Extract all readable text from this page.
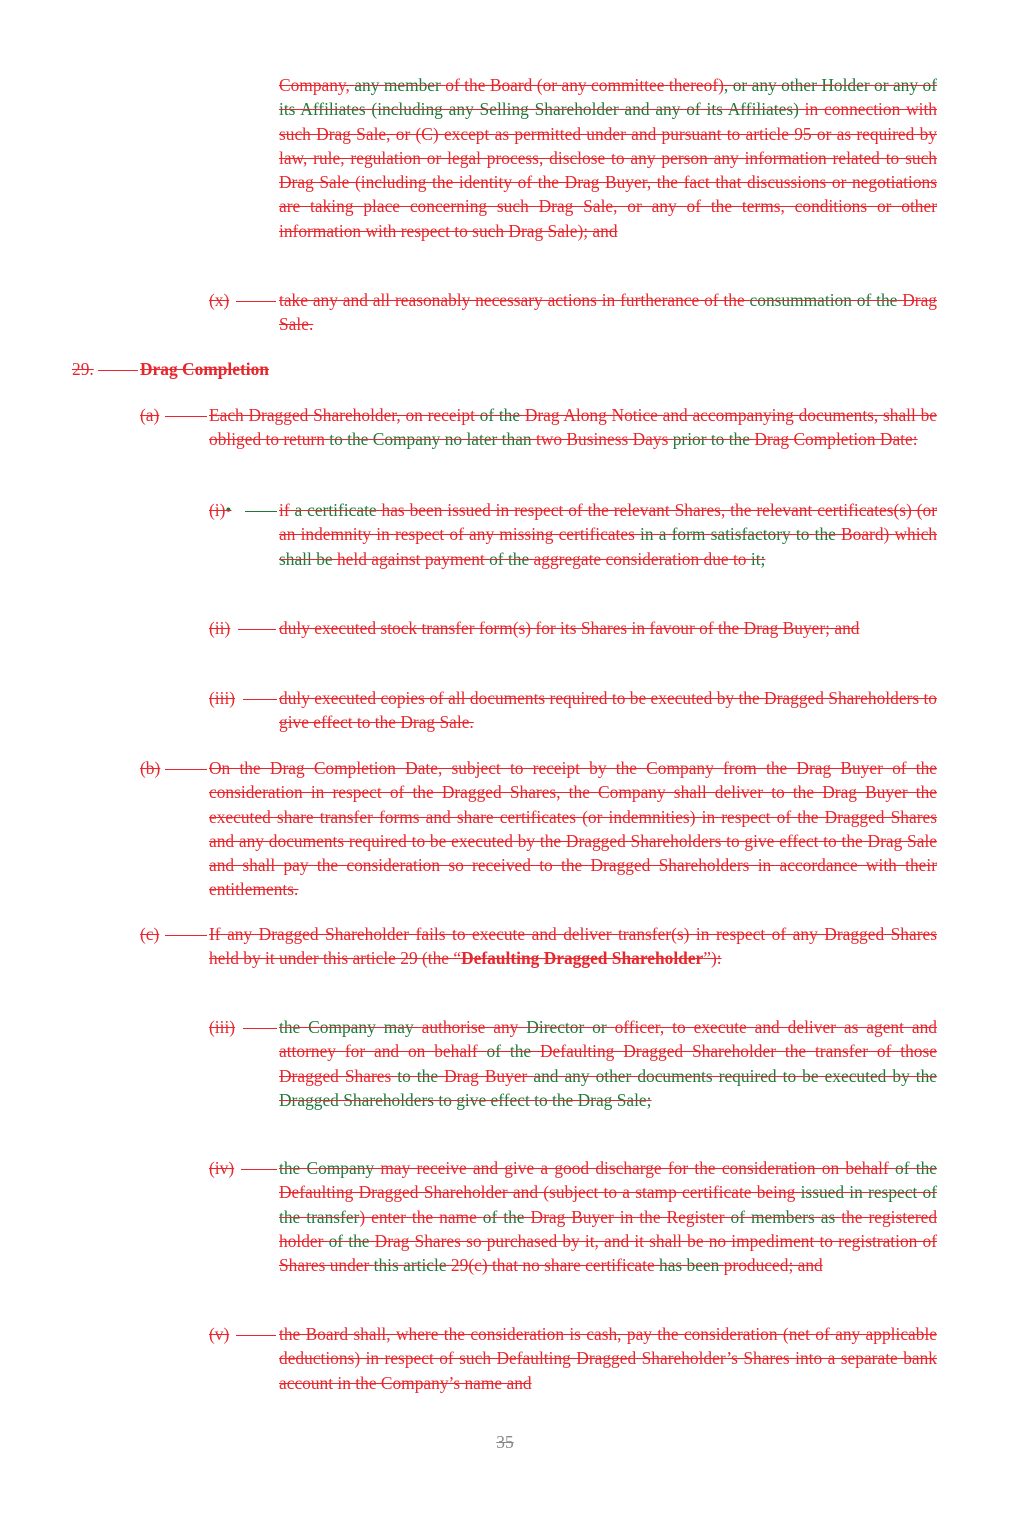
Company, any member of the Board (or any committee thereof), or any other Holder or any of its Affiliates (including any Selling Shareholder and any of its Affiliates) in connection with such Drag Sale, or (C) except as permitted under and pursuant to article 95 or as required by law, rule, regulation or legal process, disclose to any person any information related to such Drag Sale (including the identity of the Drag Buyer, the fact that discussions or negotiations are taking place concerning such Drag Sale, or any of the terms, conditions or other information with respect to such Drag Sale); and
(x)	take any and all reasonably necessary actions in furtherance of the consummation of the Drag Sale.
29.	Drag Completion
(a)	Each Dragged Shareholder, on receipt of the Drag Along Notice and accompanying documents, shall be obliged to return to the Company no later than two Business Days prior to the Drag Completion Date:
(i)•	if a certificate has been issued in respect of the relevant Shares, the relevant certificates(s) (or an indemnity in respect of any missing certificates in a form satisfactory to the Board) which shall be held against payment of the aggregate consideration due to it;
(ii)	duly executed stock transfer form(s) for its Shares in favour of the Drag Buyer; and
(iii)	duly executed copies of all documents required to be executed by the Dragged Shareholders to give effect to the Drag Sale.
(b)	On the Drag Completion Date, subject to receipt by the Company from the Drag Buyer of the consideration in respect of the Dragged Shares, the Company shall deliver to the Drag Buyer the executed share transfer forms and share certificates (or indemnities) in respect of the Dragged Shares and any documents required to be executed by the Dragged Shareholders to give effect to the Drag Sale and shall pay the consideration so received to the Dragged Shareholders in accordance with their entitlements.
(c)	If any Dragged Shareholder fails to execute and deliver transfer(s) in respect of any Dragged Shares held by it under this article 29 (the “Defaulting Dragged Shareholder”):
(iii)	the Company may authorise any Director or officer, to execute and deliver as agent and attorney for and on behalf of the Defaulting Dragged Shareholder the transfer of those Dragged Shares to the Drag Buyer and any other documents required to be executed by the Dragged Shareholders to give effect to the Drag Sale;
(iv)	the Company may receive and give a good discharge for the consideration on behalf of the Defaulting Dragged Shareholder and (subject to a stamp certificate being issued in respect of the transfer) enter the name of the Drag Buyer in the Register of members as the registered holder of the Drag Shares so purchased by it, and it shall be no impediment to registration of Shares under this article 29(c) that no share certificate has been produced; and
(v)	the Board shall, where the consideration is cash, pay the consideration (net of any applicable deductions) in respect of such Defaulting Dragged Shareholder’s Shares into a separate bank account in the Company’s name and
35
